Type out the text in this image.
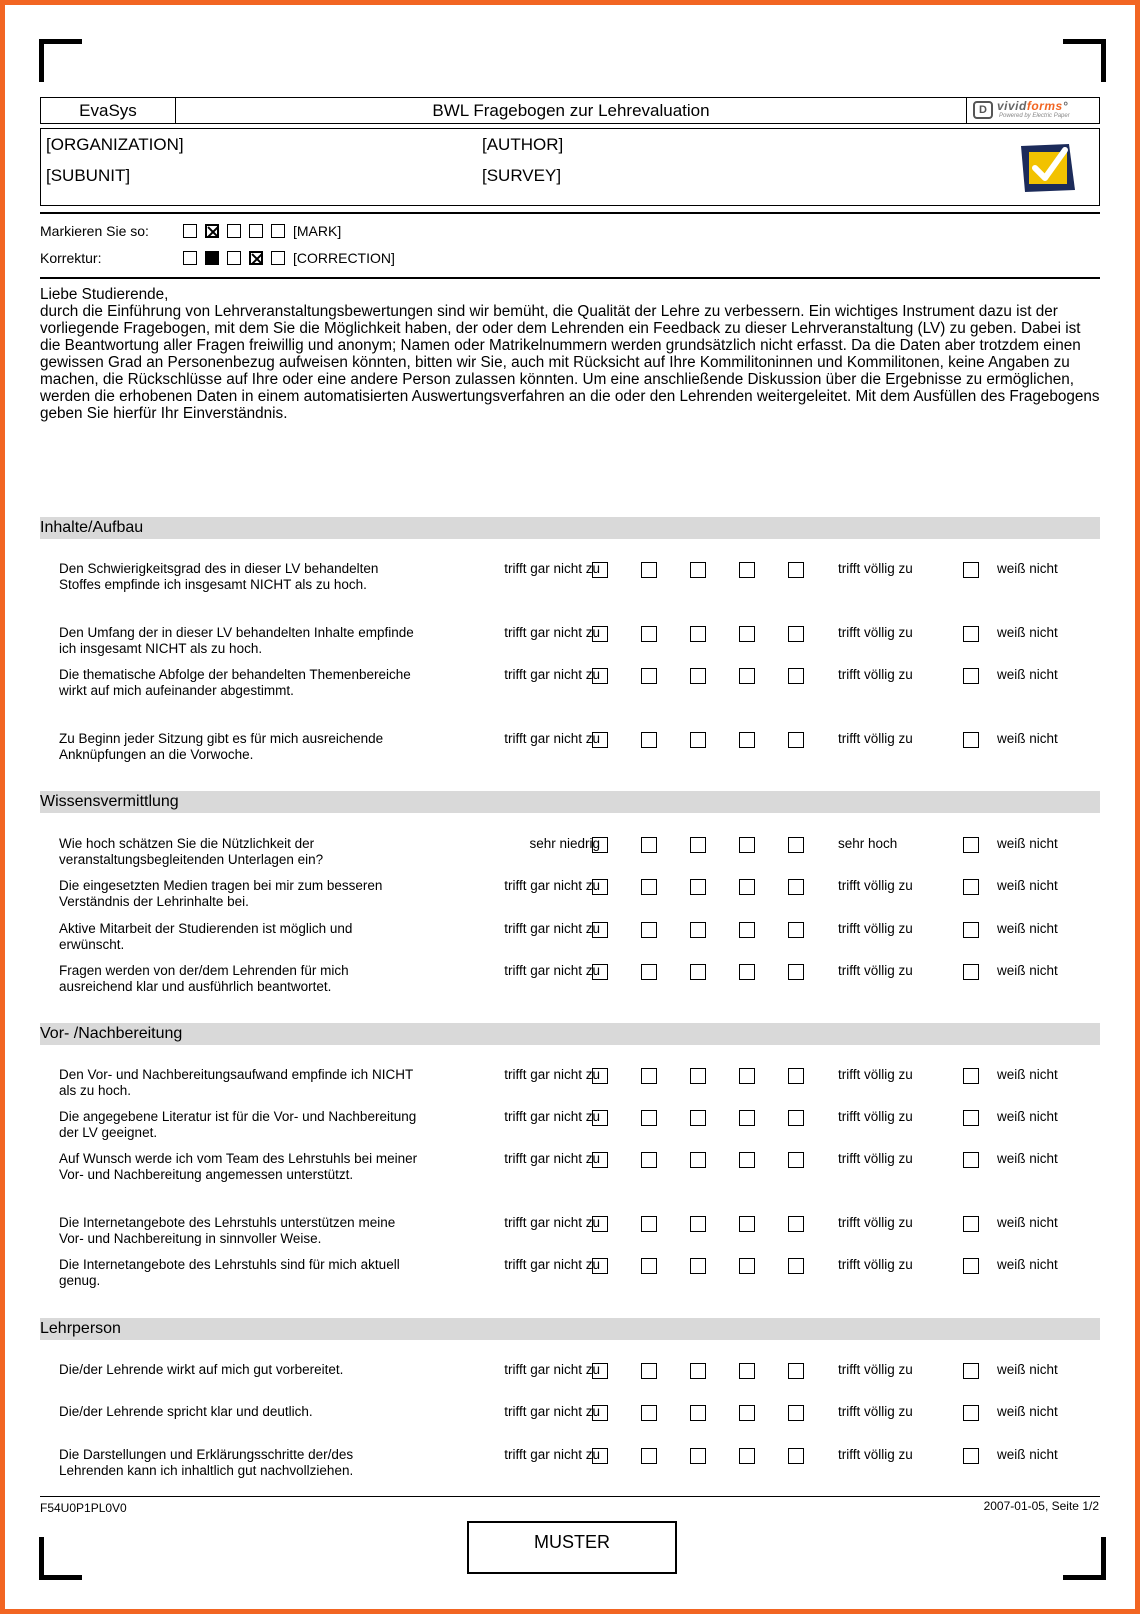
EvaSys	BWL Fragebogen zur Lehrevaluation	D vividforms°
Powered by Electric Paper
[ORGANIZATION]
[SUBUNIT]
[AUTHOR]
[SURVEY]
Markieren Sie so:	[MARK]
Korrektur:	[CORRECTION]
Liebe Studierende,
durch die Einführung von Lehrveranstaltungsbewertungen sind wir bemüht, die Qualität der Lehre zu verbessern. Ein wichtiges Instrument dazu ist der vorliegende Fragebogen, mit dem Sie die Möglichkeit haben, der oder dem Lehrenden ein Feedback zu dieser Lehrveranstaltung (LV) zu geben. Dabei ist die Beantwortung aller Fragen freiwillig und anonym; Namen oder Matrikelnummern werden grundsätzlich nicht erfasst. Da die Daten aber trotzdem einen gewissen Grad an Personenbezug aufweisen könnten, bitten wir Sie, auch mit Rücksicht auf Ihre Kommilitoninnen und Kommilitonen, keine Angaben zu machen, die Rückschlüsse auf Ihre oder eine andere Person zulassen könnten. Um eine anschließende Diskussion über die Ergebnisse zu ermöglichen, werden die erhobenen Daten in einem automatisierten Auswertungsverfahren an die oder den Lehrenden weitergeleitet. Mit dem Ausfüllen des Fragebogens geben Sie hierfür Ihr Einverständnis.
Inhalte/Aufbau
Den Schwierigkeitsgrad des in dieser LV behandelten Stoffes empfinde ich insgesamt NICHT als zu hoch.
trifft gar nicht zu	trifft völlig zu	weiß nicht
Den Umfang der in dieser LV behandelten Inhalte empfinde ich insgesamt NICHT als zu hoch.
trifft gar nicht zu	trifft völlig zu	weiß nicht
Die thematische Abfolge der behandelten Themenbereiche wirkt auf mich aufeinander abgestimmt.
trifft gar nicht zu	trifft völlig zu	weiß nicht
Zu Beginn jeder Sitzung gibt es für mich ausreichende Anknüpfungen an die Vorwoche.
trifft gar nicht zu	trifft völlig zu	weiß nicht
Wissensvermittlung
Wie hoch schätzen Sie die Nützlichkeit der veranstaltungsbegleitenden Unterlagen ein?
sehr niedrig	sehr hoch	weiß nicht
Die eingesetzten Medien tragen bei mir zum besseren Verständnis der Lehrinhalte bei.
trifft gar nicht zu	trifft völlig zu	weiß nicht
Aktive Mitarbeit der Studierenden ist möglich und erwünscht.
trifft gar nicht zu	trifft völlig zu	weiß nicht
Fragen werden von der/dem Lehrenden für mich ausreichend klar und ausführlich beantwortet.
trifft gar nicht zu	trifft völlig zu	weiß nicht
Vor- /Nachbereitung
Den Vor- und Nachbereitungsaufwand empfinde ich NICHT als zu hoch.
trifft gar nicht zu	trifft völlig zu	weiß nicht
Die angegebene Literatur ist für die Vor- und Nachbereitung der LV geeignet.
trifft gar nicht zu	trifft völlig zu	weiß nicht
Auf Wunsch werde ich vom Team des Lehrstuhls bei meiner Vor- und Nachbereitung angemessen unterstützt.
trifft gar nicht zu	trifft völlig zu	weiß nicht
Die Internetangebote des Lehrstuhls unterstützen meine Vor- und Nachbereitung in sinnvoller Weise.
trifft gar nicht zu	trifft völlig zu	weiß nicht
Die Internetangebote des Lehrstuhls sind für mich aktuell genug.
trifft gar nicht zu	trifft völlig zu	weiß nicht
Lehrperson
Die/der Lehrende wirkt auf mich gut vorbereitet.	trifft gar nicht zu	trifft völlig zu	weiß nicht
Die/der Lehrende spricht klar und deutlich.	trifft gar nicht zu	trifft völlig zu	weiß nicht
Die Darstellungen und Erklärungsschritte der/des Lehrenden kann ich inhaltlich gut nachvollziehen.
trifft gar nicht zu	trifft völlig zu	weiß nicht
F54U0P1PL0V0	2007-01-05, Seite 1/2
MUSTER
